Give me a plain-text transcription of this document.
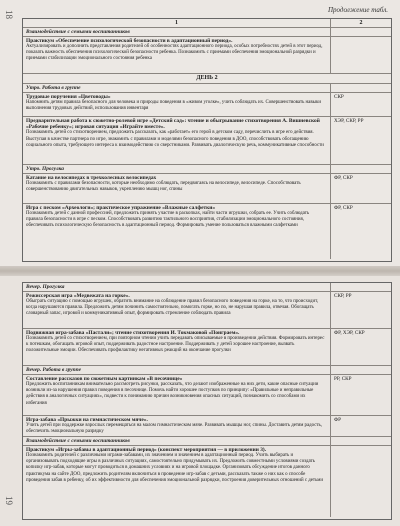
18	Продолжение табл.
1	2
Взаимодействие с семьями воспитанников
Практикум «Обеспечение психологической безопасности в адаптационный период».
Актуализировать и дополнить представления родителей об особенностях адаптационного периода, особых потребностях детей в этот период, показать важность обеспечения психологической безопасности ребенка. Познакомить с приемами обеспечения эмоциональной разрядки и приемами стабилизации эмоционального состояния ребенка
ДЕНЬ 2
Утро. Работа в группе
Трудовые поручения «Цветоводы»
Напомнить детям правила безопасного для человека и природы поведения в «живом уголке», учить соблюдать их. Совершенствовать навыки выполнения трудовых действий, использования инвентаря
СКР
Предварительная работа к сюжетно-ролевой игре «Детский сад»: чтение и обыгрывание стихотворения А. Вишневской «Рабочие ребенку»; игровая ситуация «Играйте вместе».
Познакомить детей со стихотворением, предложить рассказать, как «работает» его герой в детском саду, перечислить в игре его действия. Выступая в качестве партнера по игре, знакомить с правилами и моделями безопасного поведения в ДОО, способствовать обогащению социального опыта, требующего интереса к взаимодействию со сверстниками. Развивать диалогическую речь, коммуникативные способности
ХЭР, СКР, РР
Утро. Прогулка
Катание на велосипедах в трехколесных велосипедах
Познакомить с правилами безопасности, которые необходимо соблюдать, передвигаясь на велосипеде, велосипеде. Способствовать совершенствованию двигательных навыков, укреплению мышц ног, спины
ФР, СКР
Игра с песком «Археологи»; практическое упражнение «Влажные салфетки»
Познакомить детей с данной профессией, предложить принять участие в раскопках, найти части игрушки, собрать ее. Учить соблюдать правила безопасности в игре с песком. Способствовать развитию тактильного восприятия, стабилизации эмоционального состояния, обеспечивать психологическую безопасность в адаптационный период. Формировать умение пользоваться влажными салфетками
ФР, СКР
19
Вечер. Прогулка
Режиссерская игра «Медвежата на горке».
Обыграть ситуацию с помощью игрушек, обратить внимание на соблюдение правил безопасного поведения на горке, на то, что происходит, когда нарушаются правила. Предложить детям починить самостоятельно, помогать горке, но по, не нарушая правила, отвечая. Обогащать словарный запас, игровой и коммуникативный опыт, формировать стремление соблюдать правила
СКР, РР
Подвижная игра-забава «Пастали»; чтение стихотворения И. Токмаковой «Поиграем».
Познакомить детей со стихотворением, при повторном чтении учить передавать описываемые в произведении действия. Формировать интерес к потешкам, обогащать игровой опыт, поддерживать радостное настроение. Поддерживать у детей хорошее настроение, вызвать положительные эмоции. Обеспечивать профилактику негативных реакций на окончание прогулки
ФР, ХЭР, СКР
Вечер. Работа в группе
Составление рассказов по сюжетным картинкам «В песочнице»
Предложить воспитанникам внимательно рассмотреть рисунки, рассказать, что делают изображенные на них дети, какие опасные ситуации возникли из-за нарушения правил поведения в песочнице. Помочь найти хорошее поступков по принципу: «Правильные и неправильные действия в аналогичных ситуациях», подвести к пониманию причин возникновения опасных ситуаций, познакомить со способами их избегания
РР, СКР
Игра-забава «Прыжки на гимнастическом мяче».
Учить детей при поддержке взрослых перемещаться на малом гимнастическом мяче. Развивать мышцы ног, спины. Доставить детям радость, обеспечить эмоциональную разрядку
ФР
Взаимодействие с семьями воспитанников
Практикум «Игры-забавы в адаптационный период» (конспект мероприятия — в приложении 3).
Познакомить родителей с различными играми-забавами, их значением и значением в адаптационный период. Учить выбирать и организовывать подходящие игры в различных ситуациях, самостоятельно придумывать их. Предложить совместными условиями создать копилку игр-забав, которые могут проводиться в домашних условиях и на игровой площадке. Организовать обсуждение итогов данного практикума на сайте ДОО, предложить родителям включиться в проведение игр-забав с детьми, рассказать также о них как о способе проведения забав в ребенку, об их эффективности для обеспечения эмоциональной разрядки, построения доверительных отношений с детьми
